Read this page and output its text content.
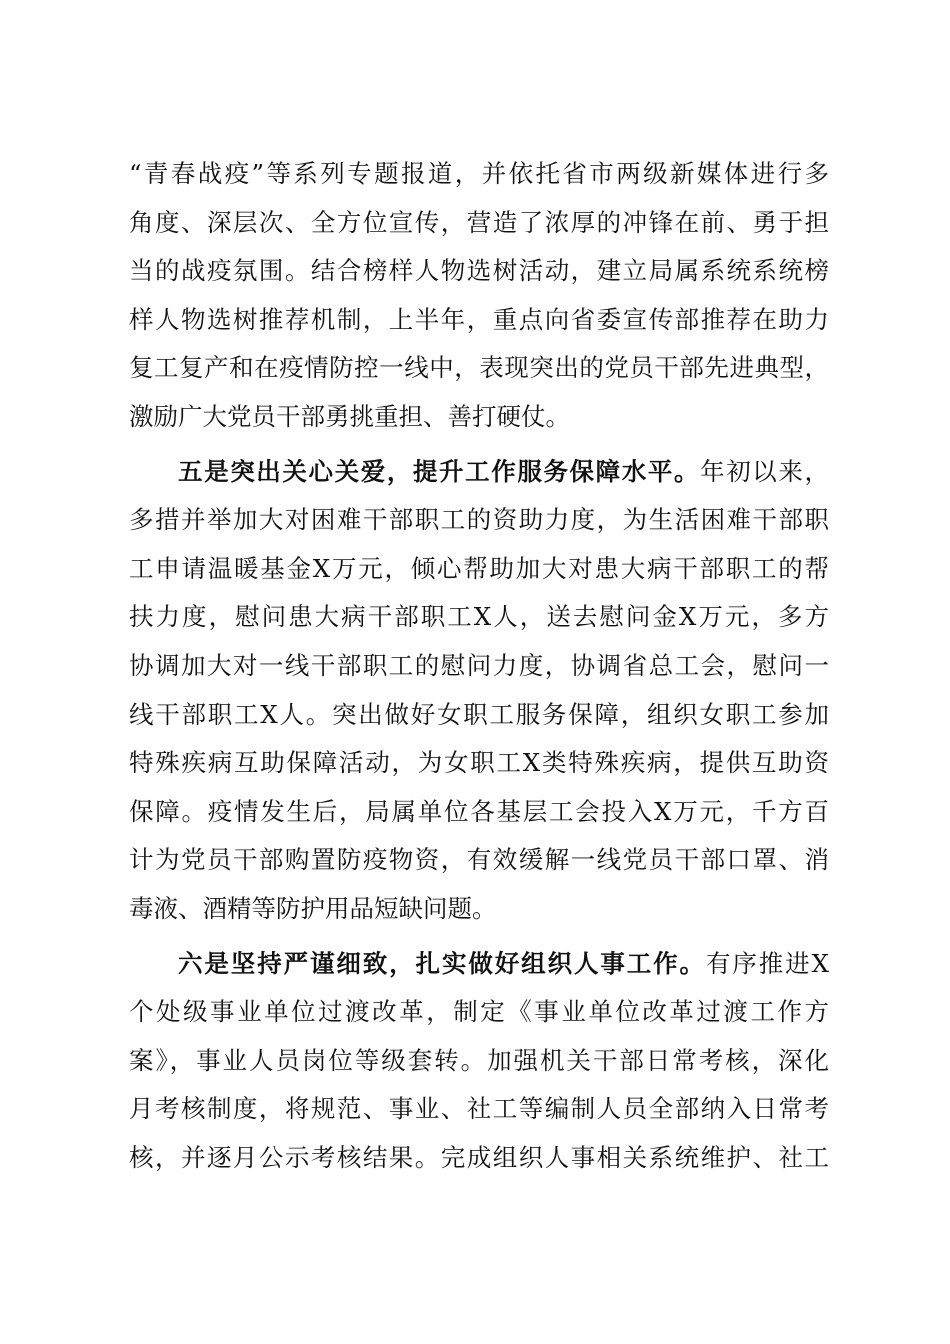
“青春战疫”等系列专题报道，并依托省市两级新媒体进行多
角度、深层次、全方位宣传，营造了浓厚的冲锋在前、勇于担
当的战疫氛围。结合榜样人物选树活动，建立局属系统系统榜
样人物选树推荐机制，上半年，重点向省委宣传部推荐在助力
复工复产和在疫情防控一线中，表现突出的党员干部先进典型，
激励广大党员干部勇挑重担、善打硬仗。
五是突出关心关爱，提升工作服务保障水平。年初以来，
多措并举加大对困难干部职工的资助力度，为生活困难干部职
工申请温暖基金X万元，倾心帮助加大对患大病干部职工的帮
扶力度，慰问患大病干部职工X人，送去慰问金X万元，多方
协调加大对一线干部职工的慰问力度，协调省总工会，慰问一
线干部职工X人。突出做好女职工服务保障，组织女职工参加
特殊疾病互助保障活动，为女职工X类特殊疾病，提供互助资
保障。疫情发生后，局属单位各基层工会投入X万元，千方百
计为党员干部购置防疫物资，有效缓解一线党员干部口罩、消
毒液、酒精等防护用品短缺问题。
六是坚持严谨细致，扎实做好组织人事工作。有序推进X
个处级事业单位过渡改革，制定《事业单位改革过渡工作方
案》，事业人员岗位等级套转。加强机关干部日常考核，深化
月考核制度，将规范、事业、社工等编制人员全部纳入日常考
核，并逐月公示考核结果。完成组织人事相关系统维护、社工
